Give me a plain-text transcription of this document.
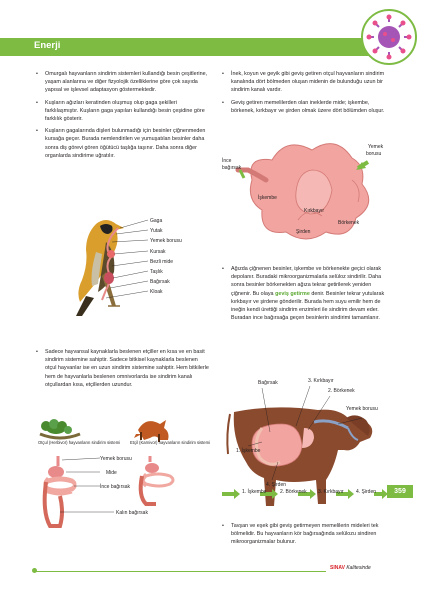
Enerji

• Omurgalı hayvanların sindirim sistemleri kullandığı besin çeşitlerine, yaşam alanlarına ve diğer fizyolojik özelliklerine göre çok sayıda yapısal ve işlevsel adaptasyon göstermektedir.

• Kuşların ağızları keratinden oluşmuş olup gaga şekilleri farklılaşmıştır. Kuşların gaga yapıları kullandığı besin çeşidine göre farklılık gösterir.

• Kuşların gagalarında dişleri bulunmadığı için besinler çiğnenmeden kursağa geçer. Burada nemlendirilen ve yumuşatılan besinler daha sonra diş görevi gören öğütücü taşlığa taşınır. Daha sonra diğer organlarda sindirime uğratılır.

Gaga
Yutak
Yemek borusu
Kursak
Bezli mide
Taşlık
Bağırsak
Kloak

• Sadece hayvansal kaynaklarla beslenen etçiller en kısa ve en basit sindirim sistemine sahiptir. Sadece bitkisel kaynaklarla beslenen otçul hayvanlar ise en uzun sindirim sistemine sahiptir. Hem bitkilerle hem de hayvanlarla beslenen omnivorlarda ise sindirim kanalı otçullardan kısa, etçillerden uzundur.

Otçul (Herbivor) hayvanların sindirim sistemi Etçil (Karnivor) hayvanların sindirim sistemi
Yemek borusu
Mide
İnce bağırsak
Kalın bağırsak

• İnek, koyun ve geyik gibi geviş getiren otçul hayvanların sindirim kanalında dört bölmeden oluşan midenin de bulunduğu uzun bir sindirim kanalı vardır.

• Geviş getiren memelilerden olan ineklerde mide; işkembe, börkenek, kırkbayır ve şirden olmak üzere dört bölümden oluşur.

Yemek
borusu
İnce
bağırsak
İşkembe
Kırkbayır
Börkenek
Şirden

• Ağızda çiğnenen besinler, işkembe ve börkenekte geçici olarak depolanır. Buradaki mikroorganizmalarla selüloz sindirilir. Daha sonra besinler börkenekten ağıza tekrar getirilerek yeniden çiğnenir. Bu olaya geviş getirme denir. Besinler tekrar yutularak kırkbayır ve şirdene gönderilir. Burada hem suyu emilir hem de ineğin kendi ürettiği sindirim enzimleri ile sindirim devam eder. Buradan ince bağırsağa geçen besinlerin sindirimi tamamlanır.

Bağırsak	3. Kırkbayır
2. Börkenek
Yemek borusu
1. İşkembe
4. Şirden
1. İşkembe	2. Börkenek 3. Kırkbayır 4. Şirden

• Tavşan ve eşek gibi geviş getirmeyen memelilerin mideleri tek bölmelidir. Bu hayvanların kör bağırsağında selülozu sindiren mikroorganizmalar bulunur.

359
SINAV Kalitesinde
